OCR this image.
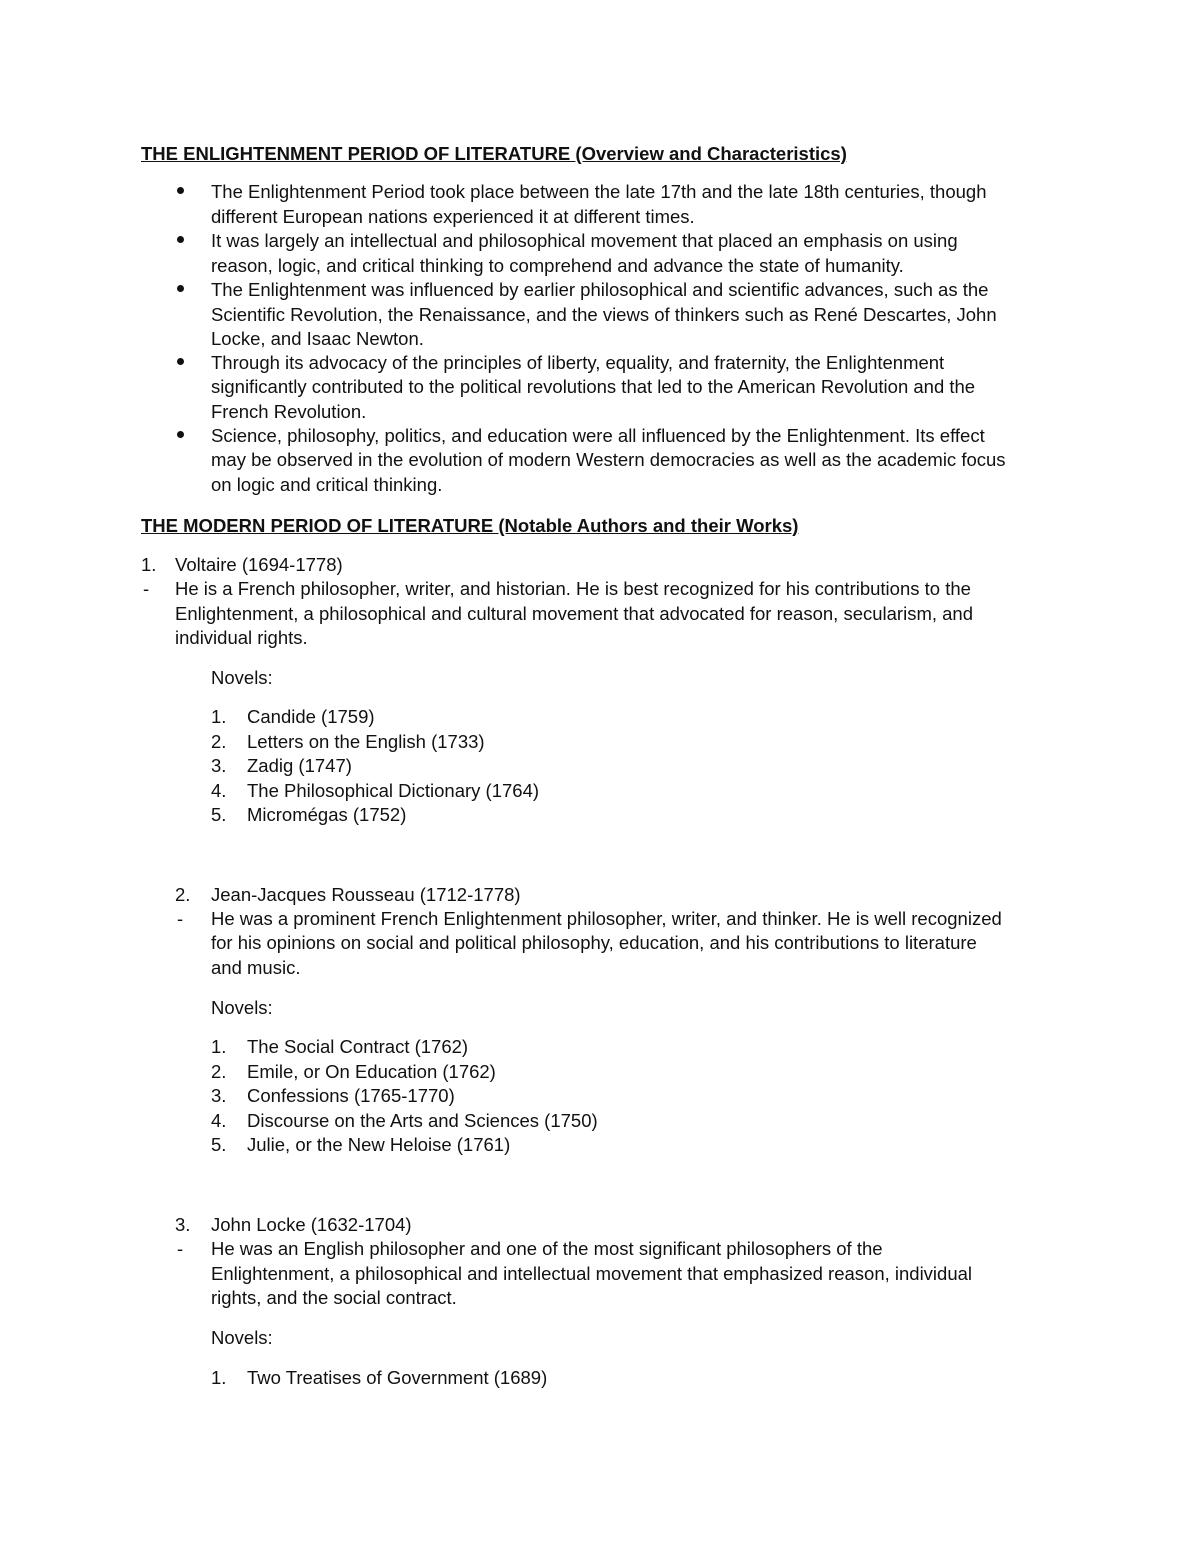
THE ENLIGHTENMENT PERIOD OF LITERATURE (Overview and Characteristics)
The Enlightenment Period took place between the late 17th and the late 18th centuries, though
different European nations experienced it at different times.
It was largely an intellectual and philosophical movement that placed an emphasis on using
reason, logic, and critical thinking to comprehend and advance the state of humanity.
The Enlightenment was influenced by earlier philosophical and scientific advances, such as the
Scientific Revolution, the Renaissance, and the views of thinkers such as René Descartes, John
Locke, and Isaac Newton.
Through its advocacy of the principles of liberty, equality, and fraternity, the Enlightenment
significantly contributed to the political revolutions that led to the American Revolution and the
French Revolution.
Science, philosophy, politics, and education were all influenced by the Enlightenment. Its effect
may be observed in the evolution of modern Western democracies as well as the academic focus
on logic and critical thinking.
THE MODERN PERIOD OF LITERATURE (Notable Authors and their Works)
1. Voltaire (1694-1778)
- He is a French philosopher, writer, and historian. He is best recognized for his contributions to the
Enlightenment, a philosophical and cultural movement that advocated for reason, secularism, and
individual rights.
Novels:
1. Candide (1759)
2. Letters on the English (1733)
3. Zadig (1747)
4. The Philosophical Dictionary (1764)
5. Micromégas (1752)
2. Jean-Jacques Rousseau (1712-1778)
- He was a prominent French Enlightenment philosopher, writer, and thinker. He is well recognized
for his opinions on social and political philosophy, education, and his contributions to literature
and music.
Novels:
1. The Social Contract (1762)
2. Emile, or On Education (1762)
3. Confessions (1765-1770)
4. Discourse on the Arts and Sciences (1750)
5. Julie, or the New Heloise (1761)
3. John Locke (1632-1704)
- He was an English philosopher and one of the most significant philosophers of the
Enlightenment, a philosophical and intellectual movement that emphasized reason, individual
rights, and the social contract.
Novels:
1. Two Treatises of Government (1689)
